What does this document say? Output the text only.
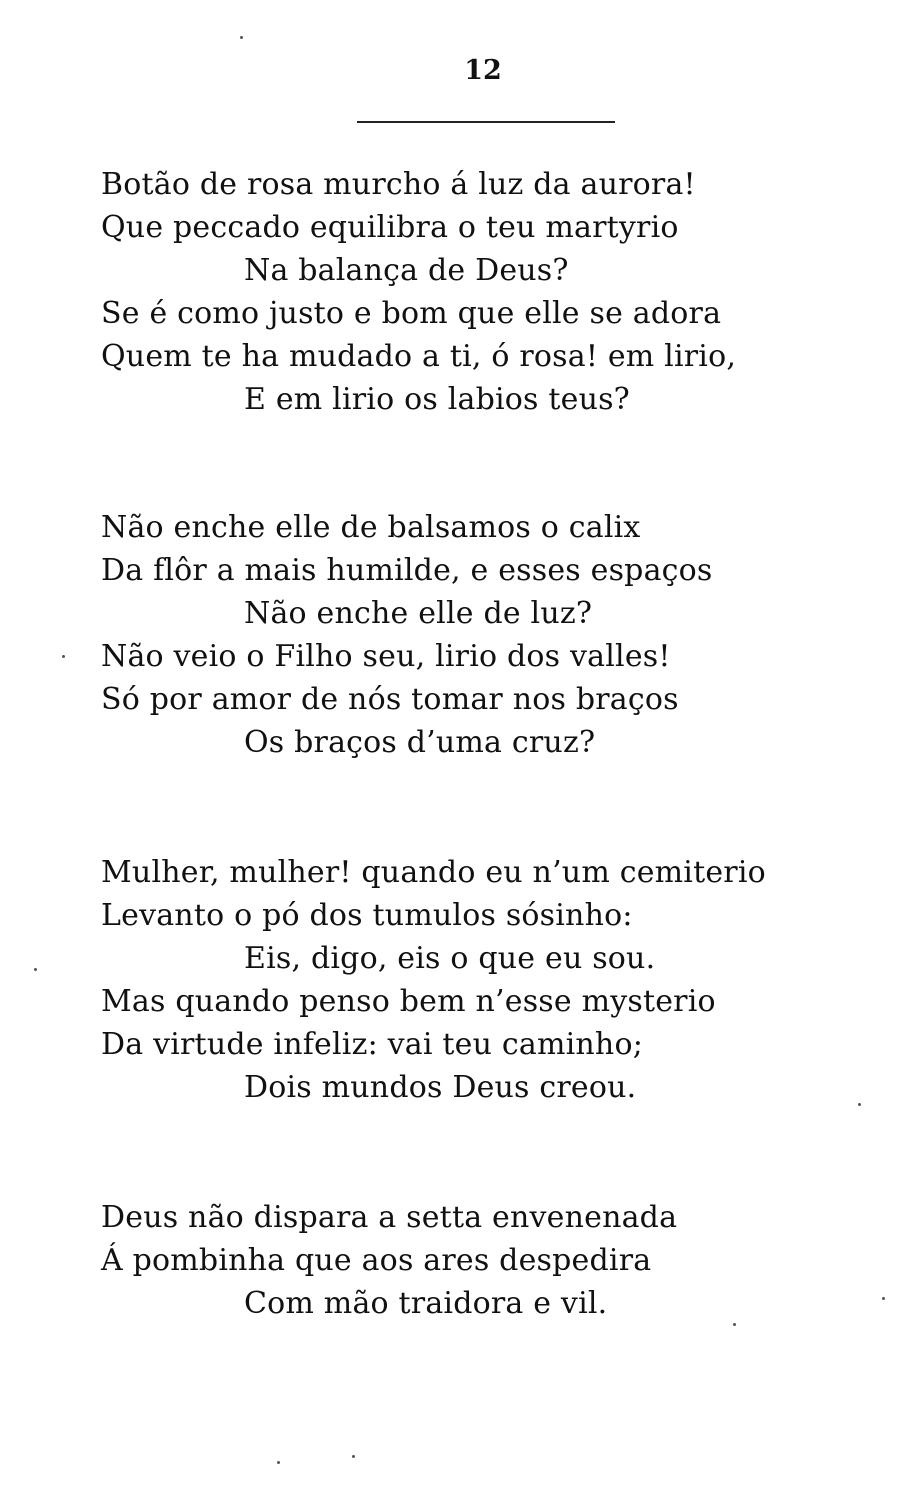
12
Botão de rosa murcho á luz da aurora!
Que peccado equilibra o teu martyrio
Na balança de Deus?
Se é como justo e bom que elle se adora
Quem te ha mudado a ti, ó rosa! em lirio,
E em lirio os labios teus?
Não enche elle de balsamos o calix
Da flôr a mais humilde, e esses espaços
Não enche elle de luz?
Não veio o Filho seu, lirio dos valles!
Só por amor de nós tomar nos braços
Os braços d’uma cruz?
Mulher, mulher! quando eu n’um cemiterio
Levanto o pó dos tumulos sósinho:
Eis, digo, eis o que eu sou.
Mas quando penso bem n’esse mysterio
Da virtude infeliz: vai teu caminho;
Dois mundos Deus creou.
Deus não dispara a setta envenenada
Á pombinha que aos ares despedira
Com mão traidora e vil.
